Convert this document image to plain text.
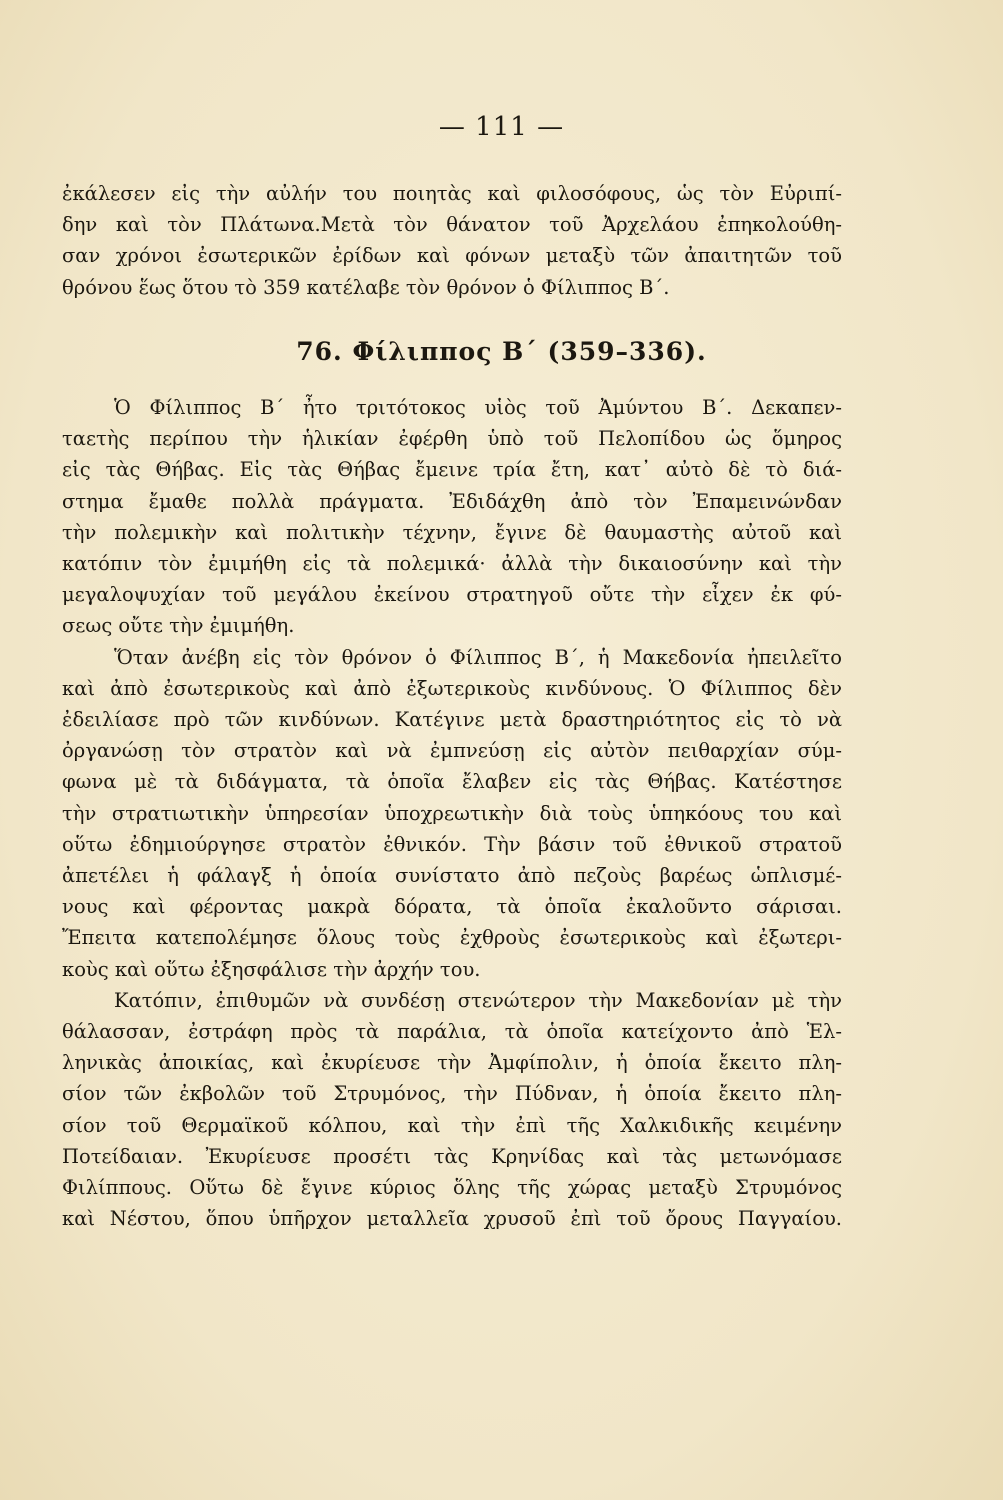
— 111 —
ἐκάλεσεν εἰς τὴν αὐλήν του ποιητὰς καὶ φιλοσόφους, ὡς τὸν Εὐριπί-
δην καὶ τὸν Πλάτωνα.Μετὰ τὸν θάνατον τοῦ Ἀρχελάου ἐπηκολούθη-
σαν χρόνοι ἐσωτερικῶν ἐρίδων καὶ φόνων μεταξὺ τῶν ἀπαιτητῶν τοῦ
θρόνου ἕως ὅτου τὸ 359 κατέλαβε τὸν θρόνον ὁ Φίλιππος Β΄.
76. Φίλιππος Β΄ (359–336).
Ὁ Φίλιππος Β΄ ἦτο τριτότοκος υἱὸς τοῦ Ἀμύντου Β΄. Δεκαπεν-
ταετὴς περίπου τὴν ἡλικίαν ἐφέρθη ὑπὸ τοῦ Πελοπίδου ὡς ὅμηρος
εἰς τὰς Θήβας. Εἰς τὰς Θήβας ἔμεινε τρία ἔτη, κατ᾽ αὐτὸ δὲ τὸ διά-
στημα ἔμαθε πολλὰ πράγματα. Ἐδιδάχθη ἀπὸ τὸν Ἐπαμεινώνδαν
τὴν πολεμικὴν καὶ πολιτικὴν τέχνην, ἔγινε δὲ θαυμαστὴς αὐτοῦ καὶ
κατόπιν τὸν ἐμιμήθη εἰς τὰ πολεμικά· ἀλλὰ τὴν δικαιοσύνην καὶ τὴν
μεγαλοψυχίαν τοῦ μεγάλου ἐκείνου στρατηγοῦ οὔτε τὴν εἶχεν ἐκ φύ-
σεως οὔτε τὴν ἐμιμήθη.
Ὅταν ἀνέβη εἰς τὸν θρόνον ὁ Φίλιππος Β΄, ἡ Μακεδονία ἠπειλεῖτο
καὶ ἀπὸ ἐσωτερικοὺς καὶ ἀπὸ ἐξωτερικοὺς κινδύνους. Ὁ Φίλιππος δὲν
ἐδειλίασε πρὸ τῶν κινδύνων. Κατέγινε μετὰ δραστηριότητος εἰς τὸ νὰ
ὀργανώσῃ τὸν στρατὸν καὶ νὰ ἐμπνεύσῃ εἰς αὐτὸν πειθαρχίαν σύμ-
φωνα μὲ τὰ διδάγματα, τὰ ὁποῖα ἔλαβεν εἰς τὰς Θήβας. Κατέστησε
τὴν στρατιωτικὴν ὑπηρεσίαν ὑποχρεωτικὴν διὰ τοὺς ὑπηκόους του καὶ
οὕτω ἐδημιούργησε στρατὸν ἐθνικόν. Τὴν βάσιν τοῦ ἐθνικοῦ στρατοῦ
ἀπετέλει ἡ φάλαγξ ἡ ὁποία συνίστατο ἀπὸ πεζοὺς βαρέως ὡπλισμέ-
νους καὶ φέροντας μακρὰ δόρατα, τὰ ὁποῖα ἐκαλοῦντο σάρισαι.
Ἔπειτα κατεπολέμησε ὅλους τοὺς ἐχθροὺς ἐσωτερικοὺς καὶ ἐξωτερι-
κοὺς καὶ οὕτω ἐξησφάλισε τὴν ἀρχήν του.
Κατόπιν, ἐπιθυμῶν νὰ συνδέσῃ στενώτερον τὴν Μακεδονίαν μὲ τὴν
θάλασσαν, ἐστράφη πρὸς τὰ παράλια, τὰ ὁποῖα κατείχοντο ἀπὸ Ἑλ-
ληνικὰς ἀποικίας, καὶ ἐκυρίευσε τὴν Ἀμφίπολιν, ἡ ὁποία ἔκειτο πλη-
σίον τῶν ἐκβολῶν τοῦ Στρυμόνος, τὴν Πύδναν, ἡ ὁποία ἔκειτο πλη-
σίον τοῦ Θερμαϊκοῦ κόλπου, καὶ τὴν ἐπὶ τῆς Χαλκιδικῆς κειμένην
Ποτείδαιαν. Ἐκυρίευσε προσέτι τὰς Κρηνίδας καὶ τὰς μετωνόμασε
Φιλίππους. Οὕτω δὲ ἔγινε κύριος ὅλης τῆς χώρας μεταξὺ Στρυμόνος
καὶ Νέστου, ὅπου ὑπῆρχον μεταλλεῖα χρυσοῦ ἐπὶ τοῦ ὄρους Παγγαίου.
